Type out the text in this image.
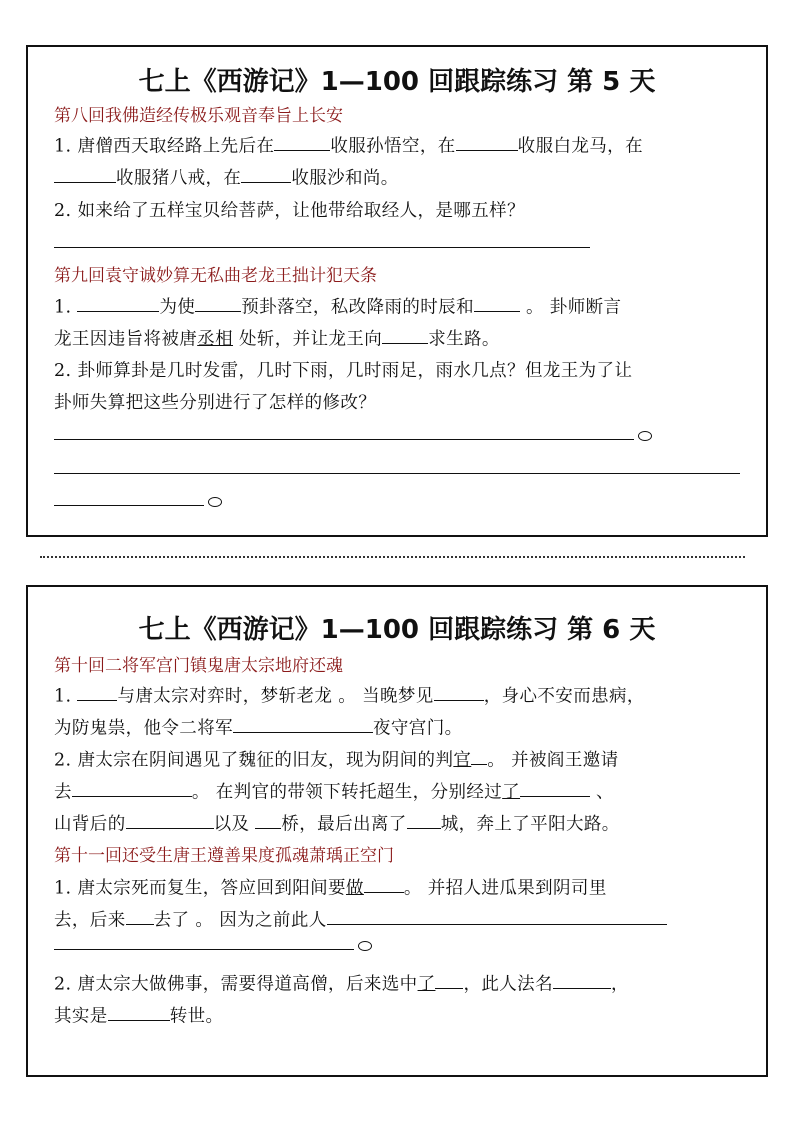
七上《西游记》1—100 回跟踪练习 第 5 天
第八回我佛造经传极乐观音奉旨上长安
1. 唐僧西天取经路上先后在	收服孙悟空，在	收服白龙马，在
收服猪八戒，在	收服沙和尚。
2. 如来给了五样宝贝给菩萨，让他带给取经人，是哪五样？
第九回袁守诚妙算无私曲老龙王拙计犯天条
1.	为使	预卦落空，私改降雨的时辰和	。 卦师断言
龙王因违旨将被唐丞相 处斩，并让龙王向	求生路。
2. 卦师算卦是几时发雷，几时下雨，几时雨足，雨水几点？但龙王为了让
卦师失算把这些分别进行了怎样的修改？
七上《西游记》1—100 回跟踪练习 第 6 天
第十回二将军宫门镇鬼唐太宗地府还魂
1. 与唐太宗对弈时，梦斩老龙 。 当晚梦见	，身心不安而患病，
为防鬼祟，他令二将军	夜守宫门。
2. 唐太宗在阴间遇见了魏征的旧友，现为阴间的判官 。 并被阎王邀请
去	。 在判官的带领下转托超生，分别经过了	、
山背后的	以及 桥，最后出离了 城，奔上了平阳大路。
第十一回还受生唐王遵善果度孤魂萧瑀正空门
1. 唐太宗死而复生，答应回到阳间要做 。 并招人进瓜果到阴司里
去，后来 去了 。 因为之前此人
2. 唐太宗大做佛事，需要得道高僧，后来选中了 ，此人法名	，
其实是	转世。
